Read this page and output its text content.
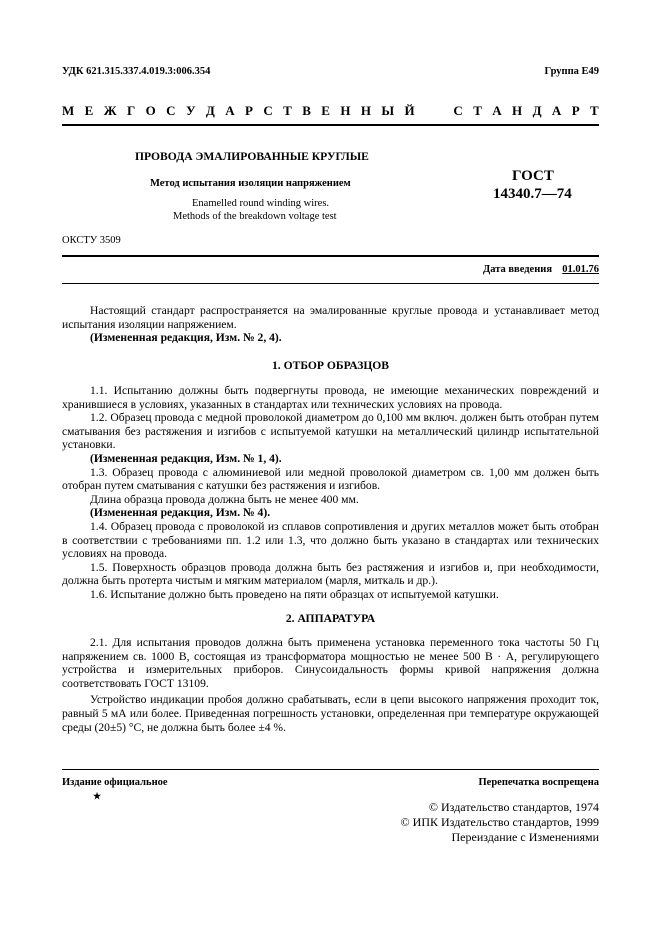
УДК 621.315.337.4.019.3:006.354	Группа Е49
М Е Ж Г О С У Д А Р С Т В Е Н Н Ы Й	С Т А Н Д А Р Т
ПРОВОДА ЭМАЛИРОВАННЫЕ КРУГЛЫЕ
Метод испытания изоляции напряжением
Enamelled round winding wires.
Methods of the breakdown voltage test
ГОСТ
14340.7—74
ОКСТУ 3509
Дата введения 01.01.76

Настоящий стандарт распространяется на эмалированные круглые провода и устанавливает метод испытания изоляции напряжением.

(Измененная редакция, Изм. № 2, 4).

1. ОТБОР ОБРАЗЦОВ

1.1. Испытанию должны быть подвергнуты провода, не имеющие механических повреждений и хранившиеся в условиях, указанных в стандартах или технических условиях на провода.

1.2. Образец провода с медной проволокой диаметром до 0,100 мм включ. должен быть отобран путем сматывания без растяжения и изгибов с испытуемой катушки на металлический цилиндр испытательной установки.

(Измененная редакция, Изм. № 1, 4).

1.3. Образец провода с алюминиевой или медной проволокой диаметром св. 1,00 мм должен быть отобран путем сматывания с катушки без растяжения и изгибов.

Длина образца провода должна быть не менее 400 мм.

(Измененная редакция, Изм. № 4).

1.4. Образец провода с проволокой из сплавов сопротивления и других металлов может быть отобран в соответствии с требованиями пп. 1.2 или 1.3, что должно быть указано в стандартах или технических условиях на провода.

1.5. Поверхность образцов провода должна быть без растяжения и изгибов и, при необходимости, должна быть протерта чистым и мягким материалом (марля, миткаль и др.).

1.6. Испытание должно быть проведено на пяти образцах от испытуемой катушки.

2. АППАРАТУРА

2.1. Для испытания проводов должна быть применена установка переменного тока частоты 50 Гц напряжением св. 1000 В, состоящая из трансформатора мощностью не менее 500 В · А, регулирующего устройства и измерительных приборов. Синусоидальность формы кривой напряжения должна соответствовать ГОСТ 13109.

Устройство индикации пробоя должно срабатывать, если в цепи высокого напряжения проходит ток, равный 5 мА или более. Приведенная погрешность установки, определенная при температуре окружающей среды (20±5) °С, не должна быть более ±4 %.

Издание официальное
★
Перепечатка воспрещена
© Издательство стандартов, 1974
© ИПК Издательство стандартов, 1999
Переиздание с Изменениями
